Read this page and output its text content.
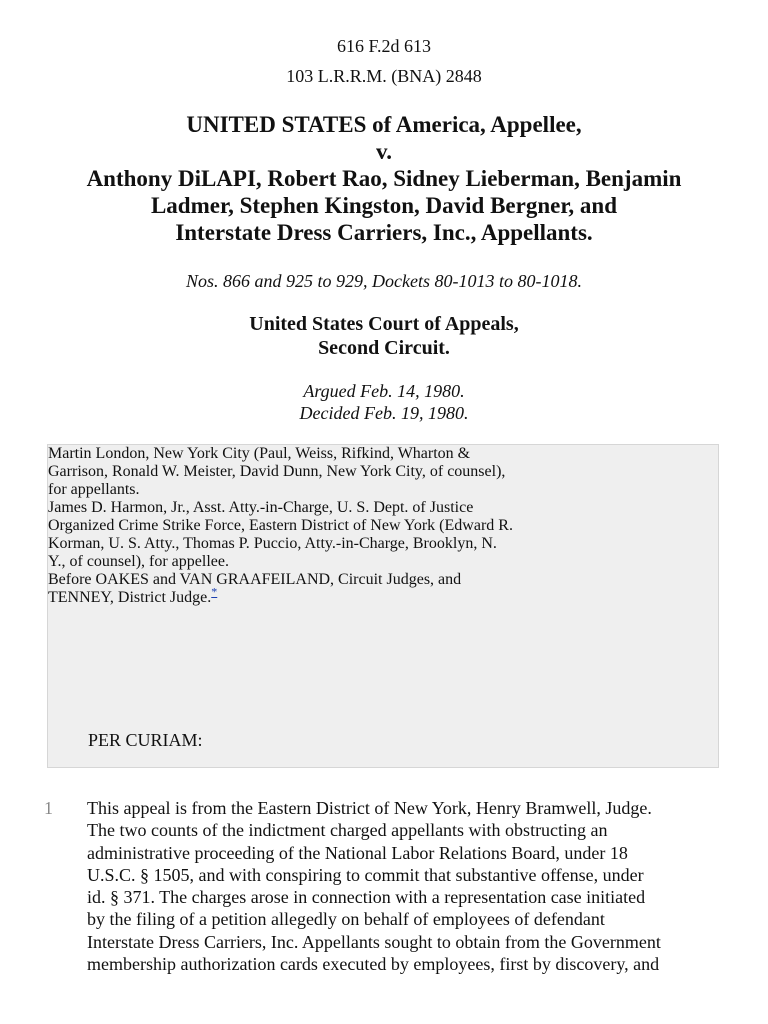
616 F.2d 613
103 L.R.R.M. (BNA) 2848
UNITED STATES of America, Appellee,
v.
Anthony DiLAPI, Robert Rao, Sidney Lieberman, Benjamin
Ladmer, Stephen Kingston, David Bergner, and
Interstate Dress Carriers, Inc., Appellants.
Nos. 866 and 925 to 929, Dockets 80-1013 to 80-1018.
United States Court of Appeals,
Second Circuit.
Argued Feb. 14, 1980.
Decided Feb. 19, 1980.

Martin London, New York City (Paul, Weiss, Rifkind, Wharton &
Garrison, Ronald W. Meister, David Dunn, New York City, of counsel),
for appellants.

James D. Harmon, Jr., Asst. Atty.-in-Charge, U. S. Dept. of Justice
Organized Crime Strike Force, Eastern District of New York (Edward R.
Korman, U. S. Atty., Thomas P. Puccio, Atty.-in-Charge, Brooklyn, N.
Y., of counsel), for appellee.

Before OAKES and VAN GRAAFEILAND, Circuit Judges, and
TENNEY, District Judge.*

PER CURIAM:

1 This appeal is from the Eastern District of New York, Henry Bramwell, Judge.
The two counts of the indictment charged appellants with obstructing an
administrative proceeding of the National Labor Relations Board, under 18
U.S.C. § 1505, and with conspiring to commit that substantive offense, under
id. § 371. The charges arose in connection with a representation case initiated
by the filing of a petition allegedly on behalf of employees of defendant
Interstate Dress Carriers, Inc. Appellants sought to obtain from the Government
membership authorization cards executed by employees, first by discovery, and
